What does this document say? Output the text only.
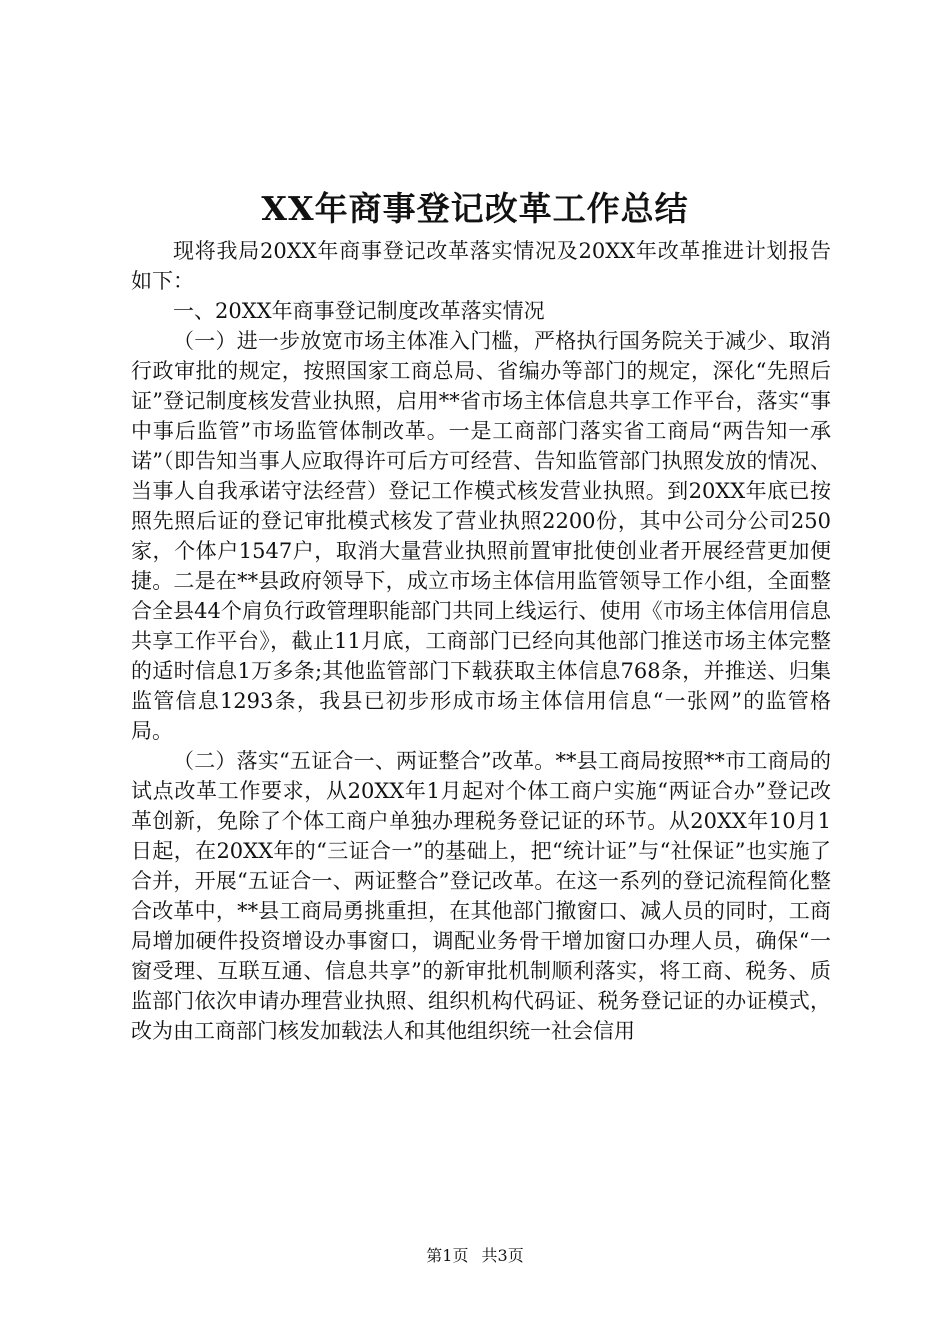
XX年商事登记改革工作总结

现将我局20XX年商事登记改革落实情况及20XX年改革推进计划报告如下：

一、20XX年商事登记制度改革落实情况

（一）进一步放宽市场主体准入门槛，严格执行国务院关于减少、取消行政审批的规定，按照国家工商总局、省编办等部门的规定，深化“先照后证”登记制度核发营业执照，启用**省市场主体信息共享工作平台，落实“事中事后监管”市场监管体制改革。一是工商部门落实省工商局“两告知一承诺”（即告知当事人应取得许可后方可经营、告知监管部门执照发放的情况、当事人自我承诺守法经营）登记工作模式核发营业执照。到20XX年底已按照先照后证的登记审批模式核发了营业执照2200份，其中公司分公司250家，个体户1547户，取消大量营业执照前置审批使创业者开展经营更加便捷。二是在**县政府领导下，成立市场主体信用监管领导工作小组，全面整合全县44个肩负行政管理职能部门共同上线运行、使用《市场主体信用信息共享工作平台》，截止11月底，工商部门已经向其他部门推送市场主体完整的适时信息1万多条;其他监管部门下载获取主体信息768条，并推送、归集监管信息1293条，我县已初步形成市场主体信用信息“一张网”的监管格局。

（二）落实“五证合一、两证整合”改革。**县工商局按照**市工商局的试点改革工作要求，从20XX年1月起对个体工商户实施“两证合办”登记改革创新，免除了个体工商户单独办理税务登记证的环节。从20XX年10月1日起，在20XX年的“三证合一”的基础上，把“统计证”与“社保证”也实施了合并，开展“五证合一、两证整合”登记改革。在这一系列的登记流程简化整合改革中，**县工商局勇挑重担，在其他部门撤窗口、减人员的同时，工商局增加硬件投资增设办事窗口，调配业务骨干增加窗口办理人员，确保“一窗受理、互联互通、信息共享”的新审批机制顺利落实，将工商、税务、质监部门依次申请办理营业执照、组织机构代码证、税务登记证的办证模式，改为由工商部门核发加载法人和其他组织统一社会信用

第1页 共3页
